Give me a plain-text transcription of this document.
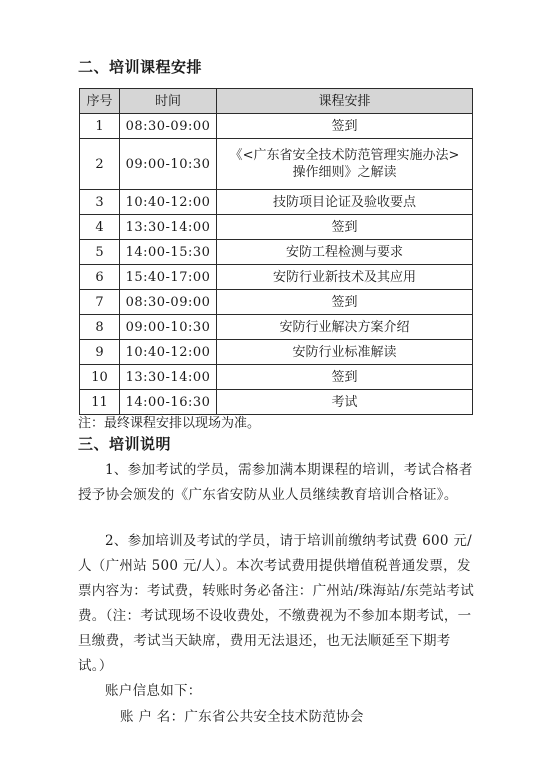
二、培训课程安排
序号	时间	课程安排
1	08:30-09:00	签到
2	09:00-10:30	《<广东省安全技术防范管理实施办法>操作细则》之解读
3	10:40-12:00	技防项目论证及验收要点
4	13:30-14:00	签到
5	14:00-15:30	安防工程检测与要求
6	15:40-17:00	安防行业新技术及其应用
7	08:30-09:00	签到
8	09:00-10:30	安防行业解决方案介绍
9	10:40-12:00	安防行业标准解读
10	13:30-14:00	签到
11	14:00-16:30	考试
注：最终课程安排以现场为准。
三、培训说明
1、参加考试的学员，需参加满本期课程的培训，考试合格者授予协会颁发的《广东省安防从业人员继续教育培训合格证》。
2、参加培训及考试的学员，请于培训前缴纳考试费 600 元/人（广州站 500 元/人）。本次考试费用提供增值税普通发票，发票内容为：考试费，转账时务必备注：广州站/珠海站/东莞站考试费。（注：考试现场不设收费处，不缴费视为不参加本期考试，一旦缴费，考试当天缺席，费用无法退还，也无法顺延至下期考试。）
账户信息如下：
账 户 名：广东省公共安全技术防范协会
